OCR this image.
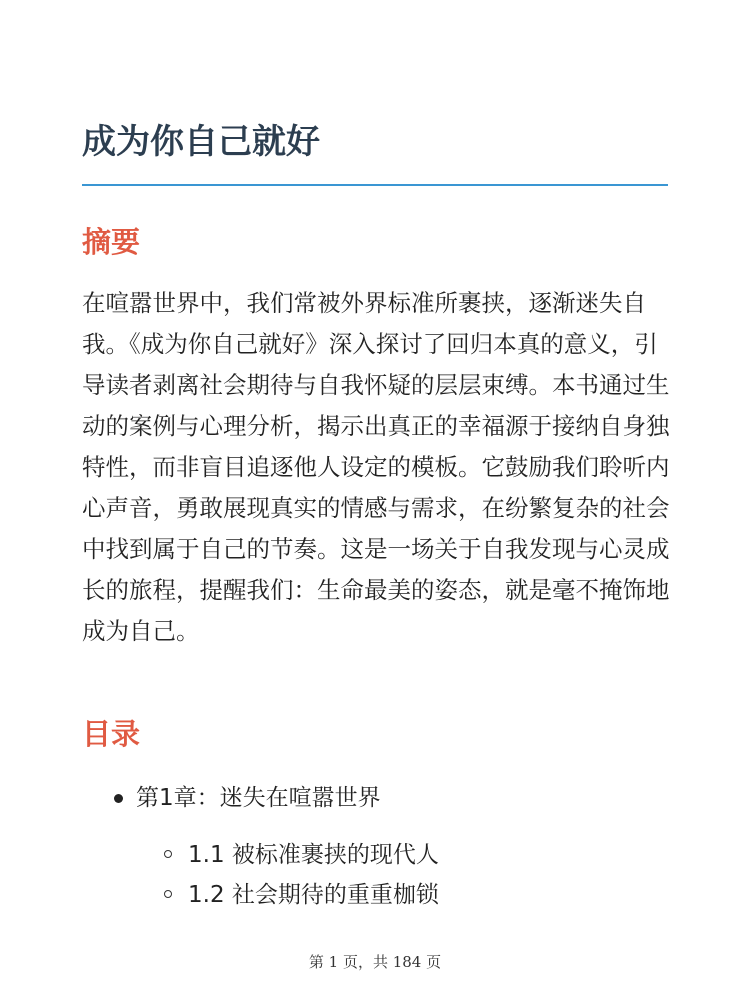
成为你自己就好
摘要

在喧嚣世界中，我们常被外界标准所裹挟，逐渐迷失自我。《成为你自己就好》深入探讨了回归本真的意义，引导读者剥离社会期待与自我怀疑的层层束缚。本书通过生动的案例与心理分析，揭示出真正的幸福源于接纳自身独特性，而非盲目追逐他人设定的模板。它鼓励我们聆听内心声音，勇敢展现真实的情感与需求，在纷繁复杂的社会中找到属于自己的节奏。这是一场关于自我发现与心灵成长的旅程，提醒我们：生命最美的姿态，就是毫不掩饰地成为自己。

目录
第1章：迷失在喧嚣世界
1.1 被标准裹挟的现代人
1.2 社会期待的重重枷锁
第 1 页，共 184 页
